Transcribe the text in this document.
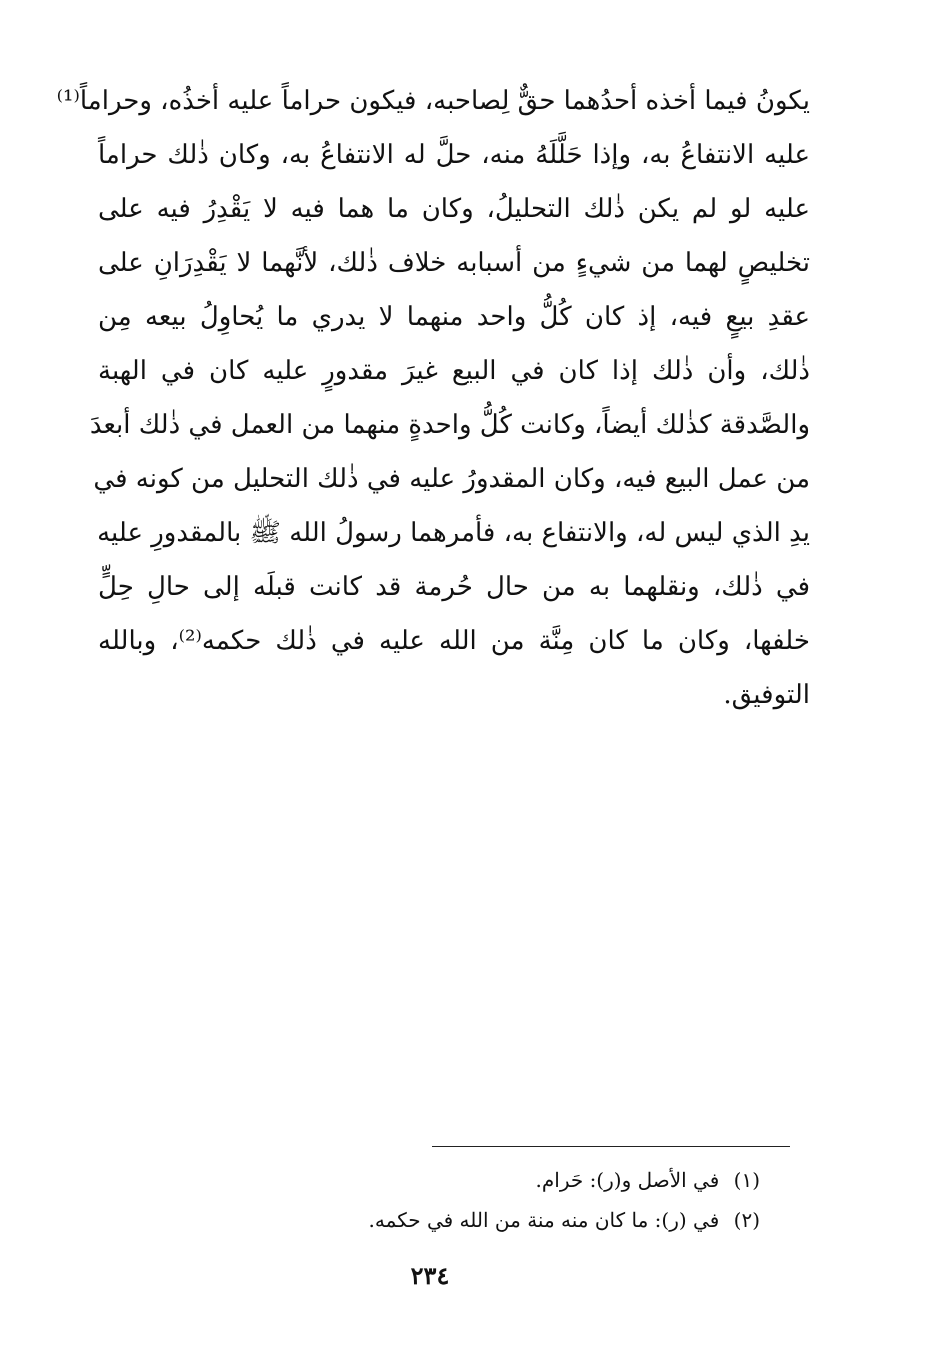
يكونُ فيما أخذه أحدُهما حقٌّ لِصاحبه، فيكون حراماً عليه أخذُه، وحراماً⁽¹⁾
عليه الانتفاعُ به، وإذا حَلَّلَهُ منه، حلَّ له الانتفاعُ به، وكان ذٰلك حراماً
عليه لو لم يكن ذٰلك التحليلُ، وكان ما هما فيه لا يَقْدِرُ فيه على
تخليصٍ لهما من شيءٍ من أسبابه خلاف ذٰلك، لأنَّهما لا يَقْدِرَانِ على
عقدِ بيعٍ فيه، إذ كان كُلُّ واحد منهما لا يدري ما يُحاوِلُ بيعه مِن
ذٰلك، وأن ذٰلك إذا كان في البيع غيرَ مقدورٍ عليه كان في الهبة
والصَّدقة كذٰلك أيضاً، وكانت كُلُّ واحدةٍ منهما من العمل في ذٰلك أبعدَ
من عمل البيع فيه، وكان المقدورُ عليه في ذٰلك التحليل من كونه في
يدِ الذي ليس له، والانتفاع به، فأمرهما رسولُ الله ﷺ بالمقدورِ عليه
في ذٰلك، ونقلهما به من حال حُرمة قد كانت قبلَه إلى حالِ حِلٍّ
خلفها، وكان ما كان مِنَّة من الله عليه في ذٰلك حكمه⁽²⁾، وبالله
التوفيق.
(١) في الأصل و(ر): حَرام.
(٢) في (ر): ما كان منه منة من الله في حكمه.
٢٣٤
